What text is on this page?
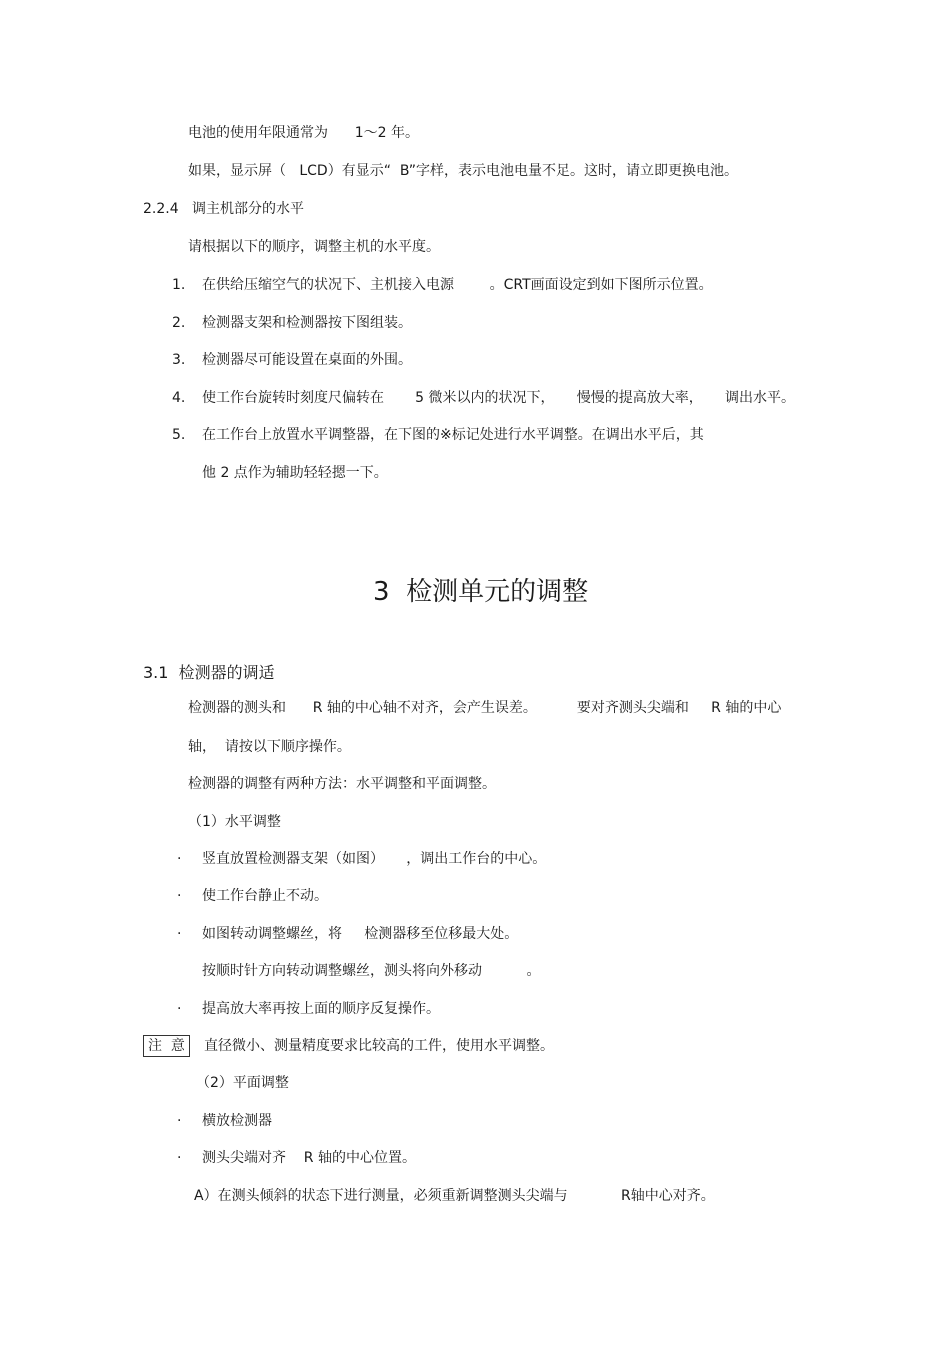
电池的使用年限通常为      1～2 年。
如果，显示屏（   LCD）有显示“  B”字样，表示电池电量不足。这时，请立即更换电池。
2.2.4   调主机部分的水平
请根据以下的顺序，调整主机的水平度。
1. 在供给压缩空气的状况下、主机接入电源        。CRT画面设定到如下图所示位置。
2. 检测器支架和检测器按下图组装。
3. 检测器尽可能设置在桌面的外围。
4. 使工作台旋转时刻度尺偏转在       5 微米以内的状况下，     慢慢的提高放大率，     调出水平。
5. 在工作台上放置水平调整器，在下图的※标记处进行水平调整。在调出水平后，其
他 2 点作为辅助轻轻摁一下。
3  检测单元的调整
3.1  检测器的调适
检测器的测头和      R 轴的中心轴不对齐，会产生误差。         要对齐测头尖端和     R 轴的中心
轴，  请按以下顺序操作。
检测器的调整有两种方法：水平调整和平面调整。
（1）水平调整
· 竖直放置检测器支架（如图）     ，调出工作台的中心。
· 使工作台静止不动。
· 如图转动调整螺丝，将     检测器移至位移最大处。
按顺时针方向转动调整螺丝，测头将向外移动          。
· 提高放大率再按上面的顺序反复操作。
注  意	直径微小、测量精度要求比较高的工件，使用水平调整。
（2）平面调整
· 横放检测器
· 测头尖端对齐    R 轴的中心位置。
A）在测头倾斜的状态下进行测量，必须重新调整测头尖端与            R轴中心对齐。
